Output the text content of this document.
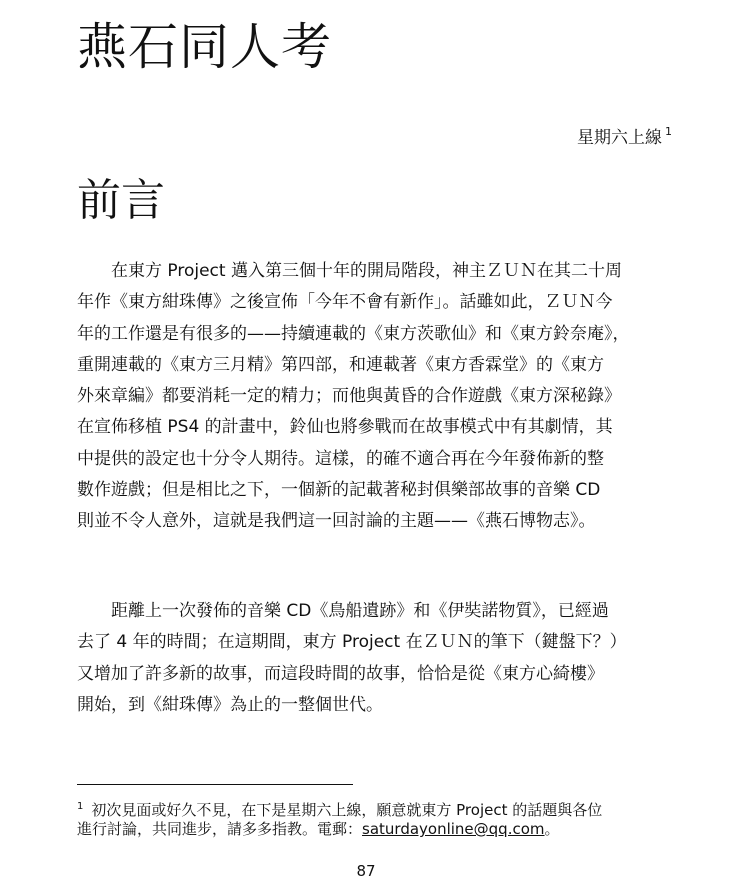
燕石同人考
星期六上線 $^1$
前言
　　在東方 Project 邁入第三個十年的開局階段，神主ＺＵＮ在其二十周
年作《東方紺珠傳》之後宣佈「今年不會有新作」。話雖如此，ＺＵＮ今
年的工作還是有很多的——持續連載的《東方茨歌仙》和《東方鈴奈庵》，
重開連載的《東方三月精》第四部，和連載著《東方香霖堂》的《東方
外來章編》都要消耗一定的精力；而他與黃昏的合作遊戲《東方深秘錄》
在宣佈移植 PS4 的計畫中，鈴仙也將參戰而在故事模式中有其劇情，其
中提供的設定也十分令人期待。這樣，的確不適合再在今年發佈新的整
數作遊戲；但是相比之下，一個新的記載著秘封俱樂部故事的音樂 CD
則並不令人意外，這就是我們這一回討論的主題——《燕石博物志》。
　　距離上一次發佈的音樂 CD《鳥船遺跡》和《伊奘諾物質》，已經過
去了 4 年的時間；在這期間，東方 Project 在ＺＵＮ的筆下（鍵盤下？）
又增加了許多新的故事，而這段時間的故事，恰恰是從《東方心綺樓》
開始，到《紺珠傳》為止的一整個世代。
$^1$ 初次見面或好久不見，在下是星期六上線，願意就東方 Project 的話題與各位
進行討論，共同進步，請多多指教。電郵：saturdayonline@qq.com。
87
